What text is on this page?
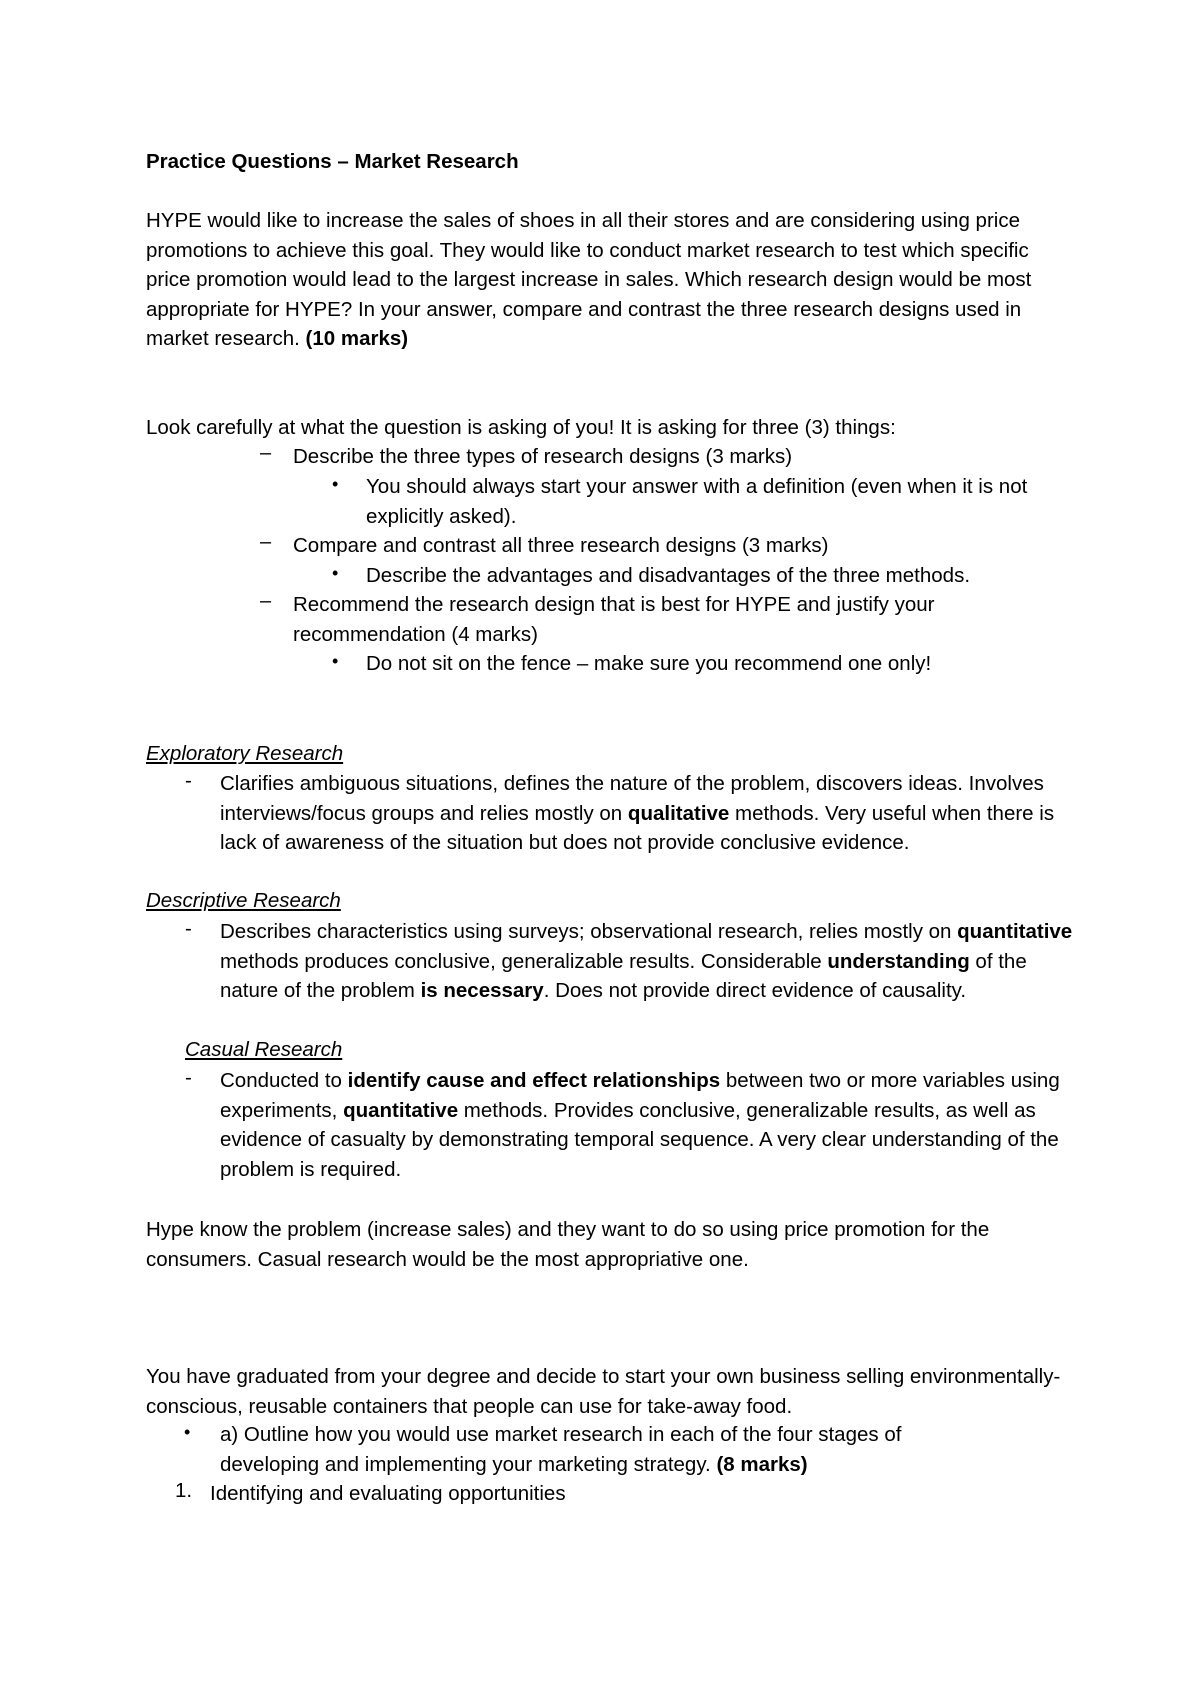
Practice Questions – Market Research
HYPE would like to increase the sales of shoes in all their stores and are considering using price promotions to achieve this goal. They would like to conduct market research to test which specific price promotion would lead to the largest increase in sales. Which research design would be most appropriate for HYPE? In your answer, compare and contrast the three research designs used in market research. (10 marks)
Look carefully at what the question is asking of you! It is asking for three (3) things:
– Describe the three types of research designs (3 marks)
• You should always start your answer with a definition (even when it is not explicitly asked).
– Compare and contrast all three research designs (3 marks)
• Describe the advantages and disadvantages of the three methods.
– Recommend the research design that is best for HYPE and justify your recommendation (4 marks)
• Do not sit on the fence – make sure you recommend one only!
Exploratory Research
- Clarifies ambiguous situations, defines the nature of the problem, discovers ideas. Involves interviews/focus groups and relies mostly on qualitative methods. Very useful when there is lack of awareness of the situation but does not provide conclusive evidence.
Descriptive Research
- Describes characteristics using surveys; observational research, relies mostly on quantitative methods produces conclusive, generalizable results. Considerable understanding of the nature of the problem is necessary. Does not provide direct evidence of causality.
Casual Research
- Conducted to identify cause and effect relationships between two or more variables using experiments, quantitative methods. Provides conclusive, generalizable results, as well as evidence of casualty by demonstrating temporal sequence. A very clear understanding of the problem is required.
Hype know the problem (increase sales) and they want to do so using price promotion for the consumers. Casual research would be the most appropriative one.
You have graduated from your degree and decide to start your own business selling environmentally-conscious, reusable containers that people can use for take-away food.
• a) Outline how you would use market research in each of the four stages of developing and implementing your marketing strategy. (8 marks)
1. Identifying and evaluating opportunities
